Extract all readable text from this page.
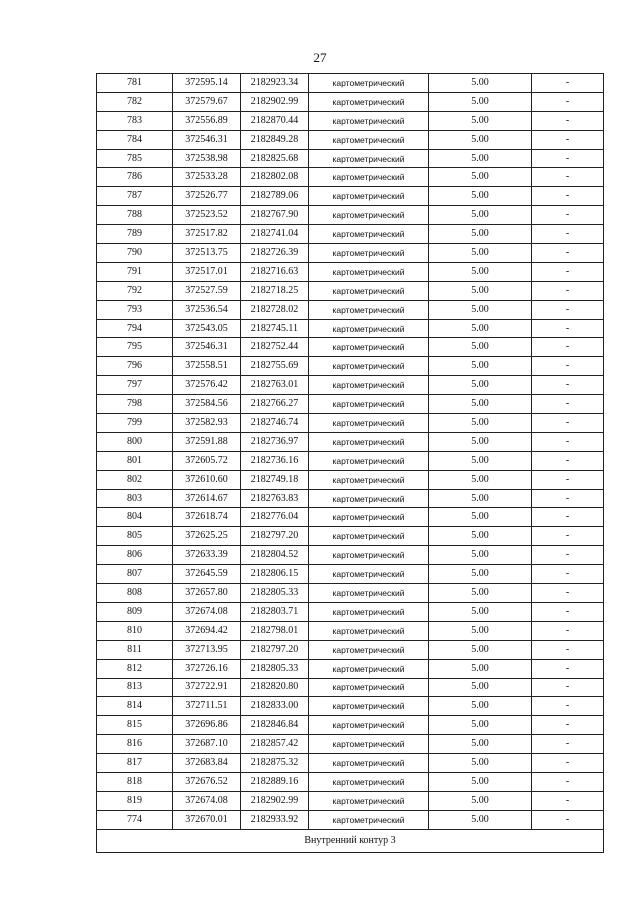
27
781	372595.14	2182923.34	картометрический	5.00	-
782	372579.67	2182902.99	картометрический	5.00	-
783	372556.89	2182870.44	картометрический	5.00	-
784	372546.31	2182849.28	картометрический	5.00	-
785	372538.98	2182825.68	картометрический	5.00	-
786	372533.28	2182802.08	картометрический	5.00	-
787	372526.77	2182789.06	картометрический	5.00	-
788	372523.52	2182767.90	картометрический	5.00	-
789	372517.82	2182741.04	картометрический	5.00	-
790	372513.75	2182726.39	картометрический	5.00	-
791	372517.01	2182716.63	картометрический	5.00	-
792	372527.59	2182718.25	картометрический	5.00	-
793	372536.54	2182728.02	картометрический	5.00	-
794	372543.05	2182745.11	картометрический	5.00	-
795	372546.31	2182752.44	картометрический	5.00	-
796	372558.51	2182755.69	картометрический	5.00	-
797	372576.42	2182763.01	картометрический	5.00	-
798	372584.56	2182766.27	картометрический	5.00	-
799	372582.93	2182746.74	картометрический	5.00	-
800	372591.88	2182736.97	картометрический	5.00	-
801	372605.72	2182736.16	картометрический	5.00	-
802	372610.60	2182749.18	картометрический	5.00	-
803	372614.67	2182763.83	картометрический	5.00	-
804	372618.74	2182776.04	картометрический	5.00	-
805	372625.25	2182797.20	картометрический	5.00	-
806	372633.39	2182804.52	картометрический	5.00	-
807	372645.59	2182806.15	картометрический	5.00	-
808	372657.80	2182805.33	картометрический	5.00	-
809	372674.08	2182803.71	картометрический	5.00	-
810	372694.42	2182798.01	картометрический	5.00	-
811	372713.95	2182797.20	картометрический	5.00	-
812	372726.16	2182805.33	картометрический	5.00	-
813	372722.91	2182820.80	картометрический	5.00	-
814	372711.51	2182833.00	картометрический	5.00	-
815	372696.86	2182846.84	картометрический	5.00	-
816	372687.10	2182857.42	картометрический	5.00	-
817	372683.84	2182875.32	картометрический	5.00	-
818	372676.52	2182889.16	картометрический	5.00	-
819	372674.08	2182902.99	картометрический	5.00	-
774	372670.01	2182933.92	картометрический	5.00	-
Внутренний контур 3					
